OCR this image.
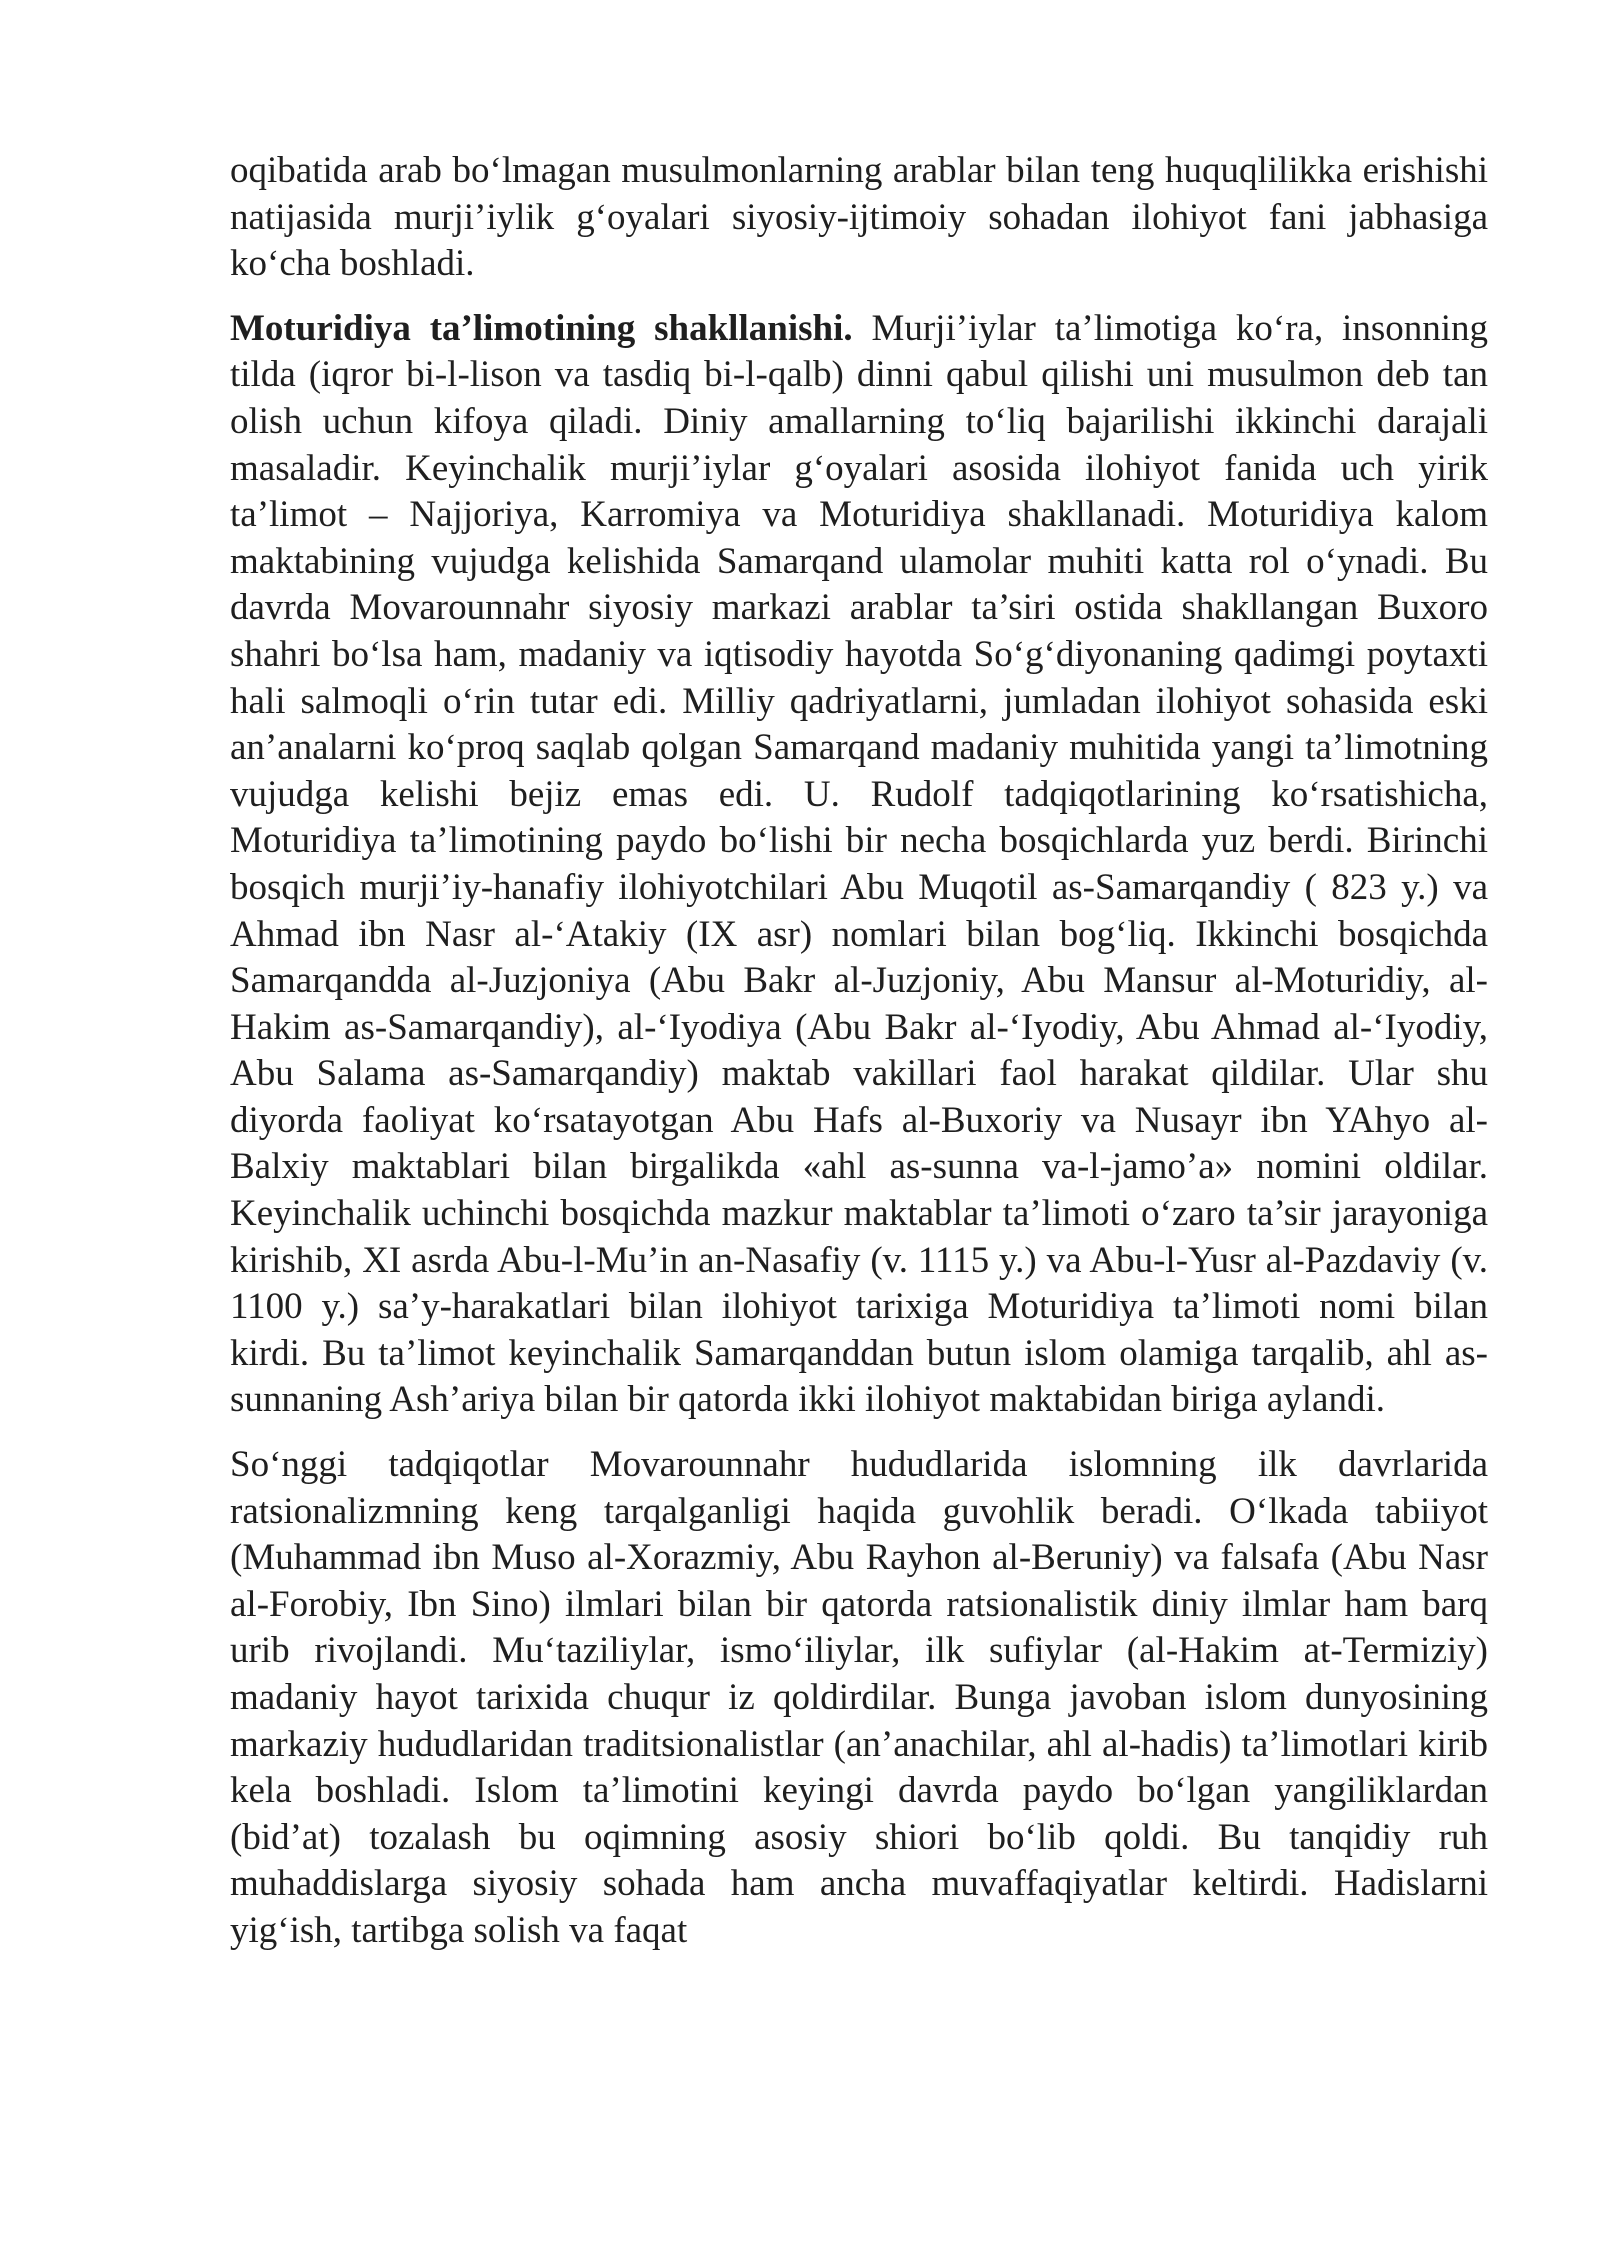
oqibatida arab bo‘lmagan musulmonlarning arablar bilan teng huquqlilikka erishishi natijasida murji’iylik g‘oyalari siyosiy-ijtimoiy sohadan ilohiyot fani jabhasiga ko‘cha boshladi.

Moturidiya ta’limotining shakllanishi. Murji’iylar ta’limotiga ko‘ra, insonning tilda (iqror bi-l-lison va tasdiq bi-l-qalb) dinni qabul qilishi uni musulmon deb tan olish uchun kifoya qiladi. Diniy amallarning to‘liq bajarilishi ikkinchi darajali masaladir. Keyinchalik murji’iylar g‘oyalari asosida ilohiyot fanida uch yirik ta’limot – Najjoriya, Karromiya va Moturidiya shakllanadi. Moturidiya kalom maktabining vujudga kelishida Samarqand ulamolar muhiti katta rol o‘ynadi. Bu davrda Movarounnahr siyosiy markazi arablar ta’siri ostida shakllangan Buxoro shahri bo‘lsa ham, madaniy va iqtisodiy hayotda So‘g‘diyonaning qadimgi poytaxti hali salmoqli o‘rin tutar edi. Milliy qadriyatlarni, jumladan ilohiyot sohasida eski an’analarni ko‘proq saqlab qolgan Samarqand madaniy muhitida yangi ta’limotning vujudga kelishi bejiz emas edi. U. Rudolf tadqiqotlarining ko‘rsatishicha, Moturidiya ta’limotining paydo bo‘lishi bir necha bosqichlarda yuz berdi. Birinchi bosqich murji’iy-hanafiy ilohiyotchilari Abu Muqotil as-Samarqandiy ( 823 y.) va Ahmad ibn Nasr al-‘Atakiy (IX asr) nomlari bilan bog‘liq. Ikkinchi bosqichda Samarqandda al-Juzjoniya (Abu Bakr al-Juzjoniy, Abu Mansur al-Moturidiy, al-Hakim as-Samarqandiy), al-‘Iyodiya (Abu Bakr al-‘Iyodiy, Abu Ahmad al-‘Iyodiy, Abu Salama as-Samarqandiy) maktab vakillari faol harakat qildilar. Ular shu diyorda faoliyat ko‘rsatayotgan Abu Hafs al-Buxoriy va Nusayr ibn YAhyo al-Balxiy maktablari bilan birgalikda «ahl as-sunna va-l-jamo’a» nomini oldilar. Keyinchalik uchinchi bosqichda mazkur maktablar ta’limoti o‘zaro ta’sir jarayoniga kirishib, XI asrda Abu-l-Mu’in an-Nasafiy (v. 1115 y.) va Abu-l-Yusr al-Pazdaviy (v. 1100 y.) sa’y-harakatlari bilan ilohiyot tarixiga Moturidiya ta’limoti nomi bilan kirdi. Bu ta’limot keyinchalik Samarqanddan butun islom olamiga tarqalib, ahl as-sunnaning Ash’ariya bilan bir qatorda ikki ilohiyot maktabidan biriga aylandi.

So‘nggi tadqiqotlar Movarounnahr hududlarida islomning ilk davrlarida ratsionalizmning keng tarqalganligi haqida guvohlik beradi. O‘lkada tabiiyot (Muhammad ibn Muso al-Xorazmiy, Abu Rayhon al-Beruniy) va falsafa (Abu Nasr al-Forobiy, Ibn Sino) ilmlari bilan bir qatorda ratsionalistik diniy ilmlar ham barq urib rivojlandi. Mu‘taziliylar, ismo‘iliylar, ilk sufiylar (al-Hakim at-Termiziy) madaniy hayot tarixida chuqur iz qoldirdilar. Bunga javoban islom dunyosining markaziy hududlaridan traditsionalistlar (an’anachilar, ahl al-hadis) ta’limotlari kirib kela boshladi. Islom ta’limotini keyingi davrda paydo bo‘lgan yangiliklardan (bid’at) tozalash bu oqimning asosiy shiori bo‘lib qoldi. Bu tanqidiy ruh muhaddislarga siyosiy sohada ham ancha muvaffaqiyatlar keltirdi. Hadislarni yig‘ish, tartibga solish va faqat
